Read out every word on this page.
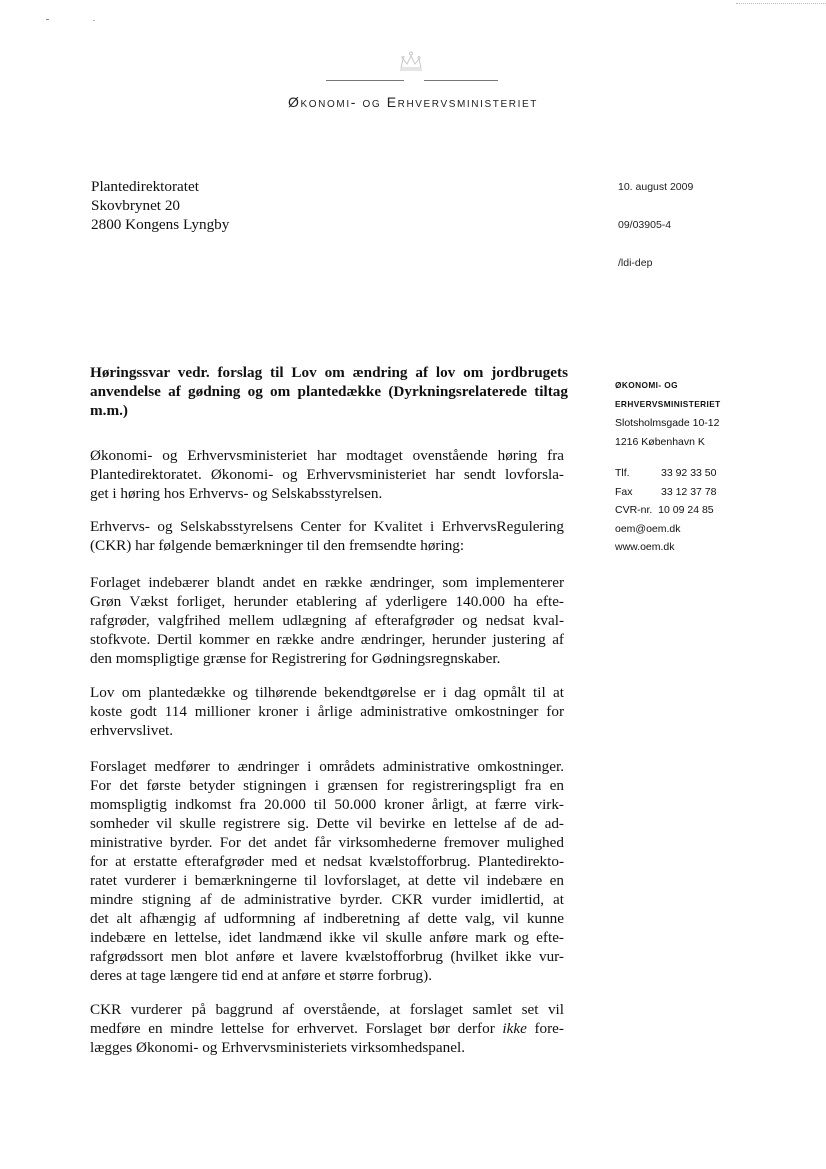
Økonomi- og Erhvervsministeriet
Plantedirektoratet
Skovbrynet 20
2800 Kongens Lyngby
10. august 2009
09/03905-4
/ldi-dep
ØKONOMI- OG
ERHVERVSMINISTERIET
Slotsholmsgade 10-12
1216 København K
Tlf.	33 92 33 50
Fax	33 12 37 78
CVR-nr.  10 09 24 85
oem@oem.dk
www.oem.dk
Høringssvar vedr. forslag til Lov om ændring af lov om jordbrugets anvendelse af gødning og om plantedække (Dyrkningsrelaterede tiltag m.m.)
Økonomi- og Erhvervsministeriet har modtaget ovenstående høring fra
Plantedirektoratet. Økonomi- og Erhvervsministeriet har sendt lovforsla-
get i høring hos Erhvervs- og Selskabsstyrelsen.
Erhvervs- og Selskabsstyrelsens Center for Kvalitet i ErhvervsRegulering
(CKR) har følgende bemærkninger til den fremsendte høring:
Forlaget indebærer blandt andet en række ændringer, som implementerer
Grøn Vækst forliget, herunder etablering af yderligere 140.000 ha efte-
rafgrøder, valgfrihed mellem udlægning af efterafgrøder og nedsat kval-
stofkvote. Dertil kommer en række andre ændringer, herunder justering af
den momspligtige grænse for Registrering for Gødningsregnskaber.
Lov om plantedække og tilhørende bekendtgørelse er i dag opmålt til at
koste godt 114 millioner kroner i årlige administrative omkostninger for
erhvervslivet.
Forslaget medfører to ændringer i områdets administrative omkostninger.
For det første betyder stigningen i grænsen for registreringspligt fra en
momspligtig indkomst fra 20.000 til 50.000 kroner årligt, at færre virk-
somheder vil skulle registrere sig. Dette vil bevirke en lettelse af de ad-
ministrative byrder. For det andet får virksomhederne fremover mulighed
for at erstatte efterafgrøder med et nedsat kvælstofforbrug. Plantedirekto-
ratet vurderer i bemærkningerne til lovforslaget, at dette vil indebære en
mindre stigning af de administrative byrder. CKR vurder imidlertid, at
det alt afhængig af udformning af indberetning af dette valg, vil kunne
indebære en lettelse, idet landmænd ikke vil skulle anføre mark og efte-
rafgrødssort men blot anføre et lavere kvælstofforbrug (hvilket ikke vur-
deres at tage længere tid end at anføre et større forbrug).
CKR vurderer på baggrund af overstående, at forslaget samlet set vil
medføre en mindre lettelse for erhvervet. Forslaget bør derfor ikke fore-
lægges Økonomi- og Erhvervsministeriets virksomhedspanel.
